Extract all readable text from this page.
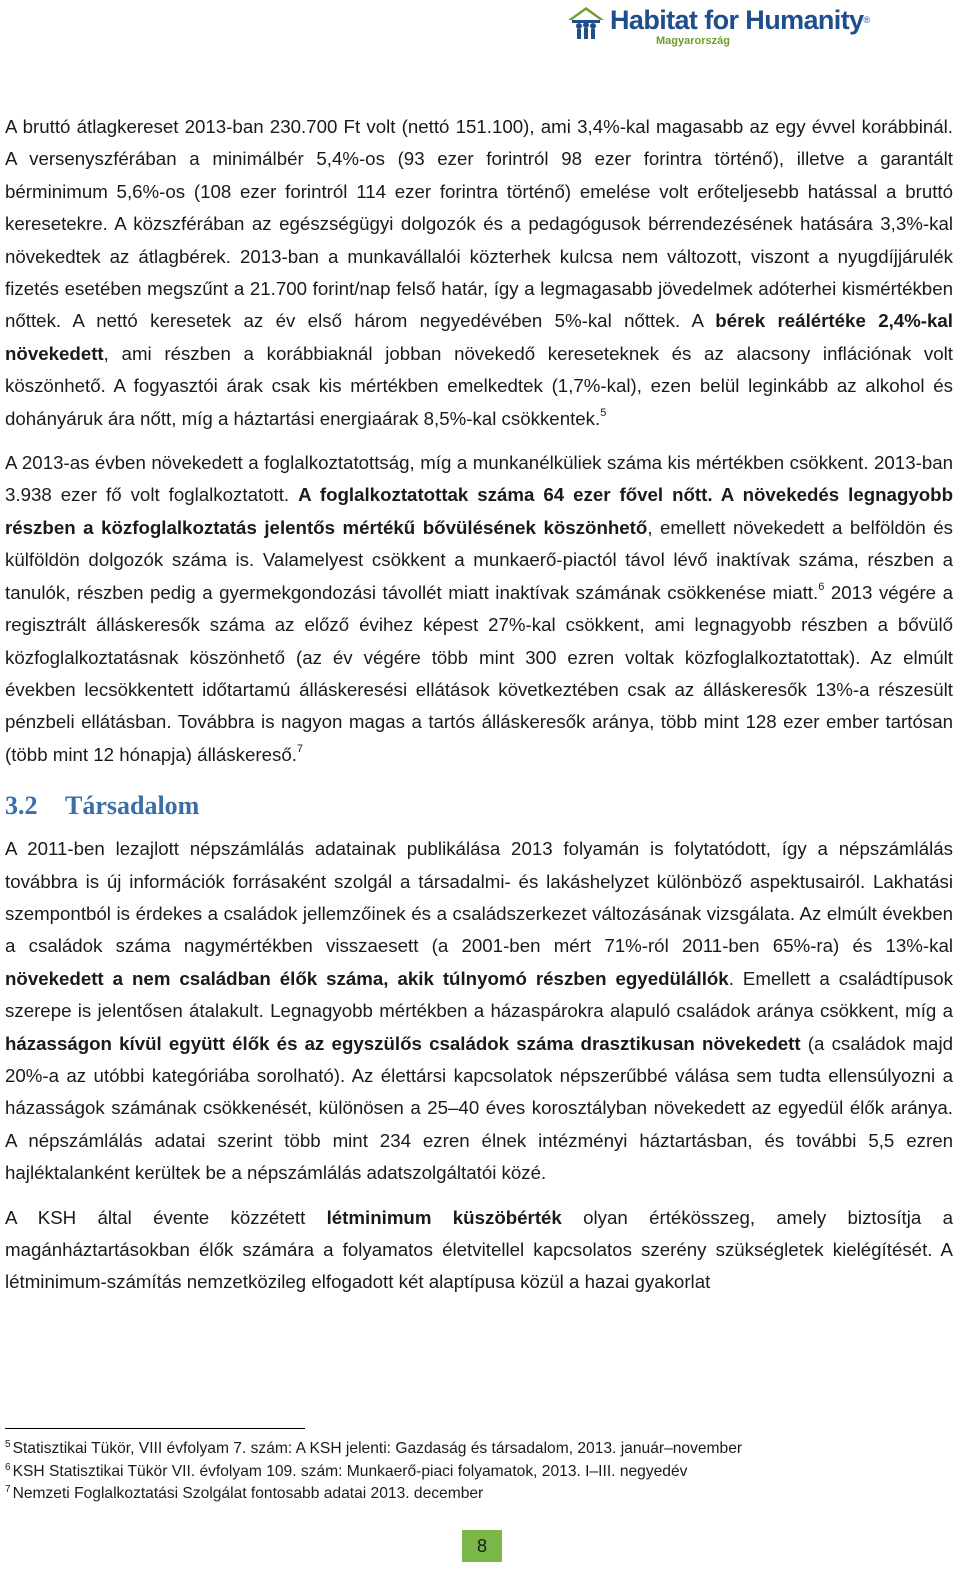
Habitat for Humanity®
Magyarország

A bruttó átlagkereset 2013-ban 230.700 Ft volt (nettó 151.100), ami 3,4%-kal magasabb az egy évvel korábbinál. A versenyszférában a minimálbér 5,4%-os (93 ezer forintról 98 ezer forintra történő), illetve a garantált bérminimum 5,6%-os (108 ezer forintról 114 ezer forintra történő) emelése volt erőteljesebb hatással a bruttó keresetekre. A közszférában az egészségügyi dolgozók és a pedagógusok bérrendezésének hatására 3,3%-kal növekedtek az átlagbérek. 2013-ban a munkavállalói közterhek kulcsa nem változott, viszont a nyugdíjjárulék fizetés esetében megszűnt a 21.700 forint/nap felső határ, így a legmagasabb jövedelmek adóterhei kismértékben nőttek. A nettó keresetek az év első három negyedévében 5%-kal nőttek. A bérek reálértéke 2,4%-kal növekedett, ami részben a korábbiaknál jobban növekedő kereseteknek és az alacsony inflációnak volt köszönhető. A fogyasztói árak csak kis mértékben emelkedtek (1,7%-kal), ezen belül leginkább az alkohol és dohányáruk ára nőtt, míg a háztartási energiaárak 8,5%-kal csökkentek.$^5$

A 2013-as évben növekedett a foglalkoztatottság, míg a munkanélküliek száma kis mértékben csökkent. 2013-ban 3.938 ezer fő volt foglalkoztatott. A foglalkoztatottak száma 64 ezer fővel nőtt. A növekedés legnagyobb részben a közfoglalkoztatás jelentős mértékű bővülésének köszönhető, emellett növekedett a belföldön és külföldön dolgozók száma is. Valamelyest csökkent a munkaerő-piactól távol lévő inaktívak száma, részben a tanulók, részben pedig a gyermekgondozási távollét miatt inaktívak számának csökkenése miatt.$^6$ 2013 végére a regisztrált álláskeresők száma az előző évihez képest 27%-kal csökkent, ami legnagyobb részben a bővülő közfoglalkoztatásnak köszönhető (az év végére több mint 300 ezren voltak közfoglalkoztatottak). Az elmúlt években lecsökkentett időtartamú álláskeresési ellátások következtében csak az álláskeresők 13%-a részesült pénzbeli ellátásban. Továbbra is nagyon magas a tartós álláskeresők aránya, több mint 128 ezer ember tartósan (több mint 12 hónapja) álláskereső.$^7$

3.2 Társadalom

A 2011-ben lezajlott népszámlálás adatainak publikálása 2013 folyamán is folytatódott, így a népszámlálás továbbra is új információk forrásaként szolgál a társadalmi- és lakáshelyzet különböző aspektusairól. Lakhatási szempontból is érdekes a családok jellemzőinek és a családszerkezet változásának vizsgálata. Az elmúlt években a családok száma nagymértékben visszaesett (a 2001-ben mért 71%-ról 2011-ben 65%-ra) és 13%-kal növekedett a nem családban élők száma, akik túlnyomó részben egyedülállók. Emellett a családtípusok szerepe is jelentősen átalakult. Legnagyobb mértékben a házaspárokra alapuló családok aránya csökkent, míg a házasságon kívül együtt élők és az egyszülős családok száma drasztikusan növekedett (a családok majd 20%-a az utóbbi kategóriába sorolható). Az élettársi kapcsolatok népszerűbbé válása sem tudta ellensúlyozni a házasságok számának csökkenését, különösen a 25–40 éves korosztályban növekedett az egyedül élők aránya. A népszámlálás adatai szerint több mint 234 ezren élnek intézményi háztartásban, és további 5,5 ezren hajléktalanként kerültek be a népszámlálás adatszolgáltatói közé.

A KSH által évente közzétett létminimum küszöbérték olyan értékösszeg, amely biztosítja a magánháztartásokban élők számára a folyamatos életvitellel kapcsolatos szerény szükségletek kielégítését. A létminimum-számítás nemzetközileg elfogadott két alaptípusa közül a hazai gyakorlat

$^5$ Statisztikai Tükör, VIII évfolyam 7. szám: A KSH jelenti: Gazdaság és társadalom, 2013. január–november
$^6$ KSH Statisztikai Tükör VII. évfolyam 109. szám: Munkaerő-piaci folyamatok, 2013. I–III. negyedév
$^7$ Nemzeti Foglalkoztatási Szolgálat fontosabb adatai 2013. december
8
